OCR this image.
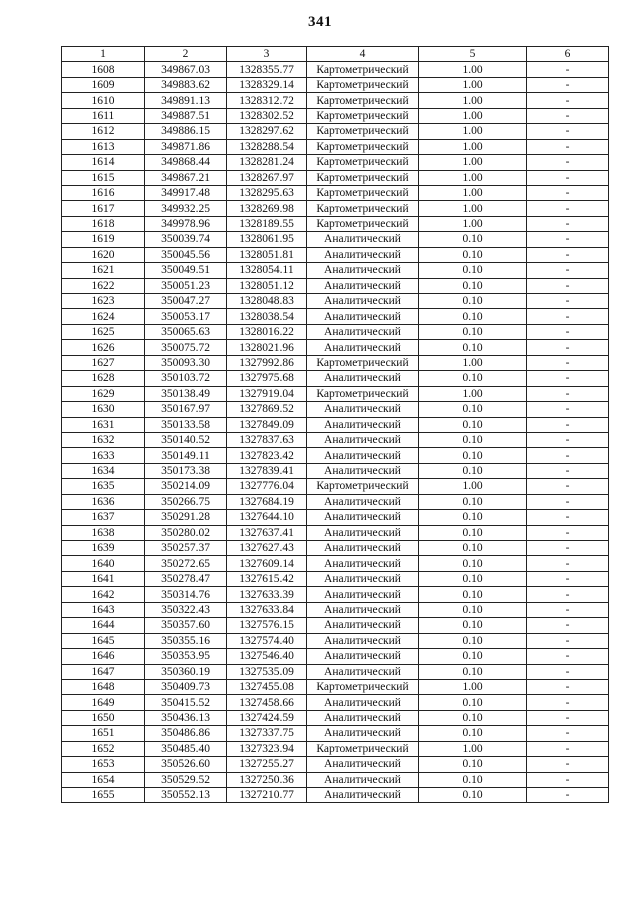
341
1	2	3	4	5	6
1608	349867.03	1328355.77	Картометрический	1.00	-
1609	349883.62	1328329.14	Картометрический	1.00	-
1610	349891.13	1328312.72	Картометрический	1.00	-
1611	349887.51	1328302.52	Картометрический	1.00	-
1612	349886.15	1328297.62	Картометрический	1.00	-
1613	349871.86	1328288.54	Картометрический	1.00	-
1614	349868.44	1328281.24	Картометрический	1.00	-
1615	349867.21	1328267.97	Картометрический	1.00	-
1616	349917.48	1328295.63	Картометрический	1.00	-
1617	349932.25	1328269.98	Картометрический	1.00	-
1618	349978.96	1328189.55	Картометрический	1.00	-
1619	350039.74	1328061.95	Аналитический	0.10	-
1620	350045.56	1328051.81	Аналитический	0.10	-
1621	350049.51	1328054.11	Аналитический	0.10	-
1622	350051.23	1328051.12	Аналитический	0.10	-
1623	350047.27	1328048.83	Аналитический	0.10	-
1624	350053.17	1328038.54	Аналитический	0.10	-
1625	350065.63	1328016.22	Аналитический	0.10	-
1626	350075.72	1328021.96	Аналитический	0.10	-
1627	350093.30	1327992.86	Картометрический	1.00	-
1628	350103.72	1327975.68	Аналитический	0.10	-
1629	350138.49	1327919.04	Картометрический	1.00	-
1630	350167.97	1327869.52	Аналитический	0.10	-
1631	350133.58	1327849.09	Аналитический	0.10	-
1632	350140.52	1327837.63	Аналитический	0.10	-
1633	350149.11	1327823.42	Аналитический	0.10	-
1634	350173.38	1327839.41	Аналитический	0.10	-
1635	350214.09	1327776.04	Картометрический	1.00	-
1636	350266.75	1327684.19	Аналитический	0.10	-
1637	350291.28	1327644.10	Аналитический	0.10	-
1638	350280.02	1327637.41	Аналитический	0.10	-
1639	350257.37	1327627.43	Аналитический	0.10	-
1640	350272.65	1327609.14	Аналитический	0.10	-
1641	350278.47	1327615.42	Аналитический	0.10	-
1642	350314.76	1327633.39	Аналитический	0.10	-
1643	350322.43	1327633.84	Аналитический	0.10	-
1644	350357.60	1327576.15	Аналитический	0.10	-
1645	350355.16	1327574.40	Аналитический	0.10	-
1646	350353.95	1327546.40	Аналитический	0.10	-
1647	350360.19	1327535.09	Аналитический	0.10	-
1648	350409.73	1327455.08	Картометрический	1.00	-
1649	350415.52	1327458.66	Аналитический	0.10	-
1650	350436.13	1327424.59	Аналитический	0.10	-
1651	350486.86	1327337.75	Аналитический	0.10	-
1652	350485.40	1327323.94	Картометрический	1.00	-
1653	350526.60	1327255.27	Аналитический	0.10	-
1654	350529.52	1327250.36	Аналитический	0.10	-
1655	350552.13	1327210.77	Аналитический	0.10	-
